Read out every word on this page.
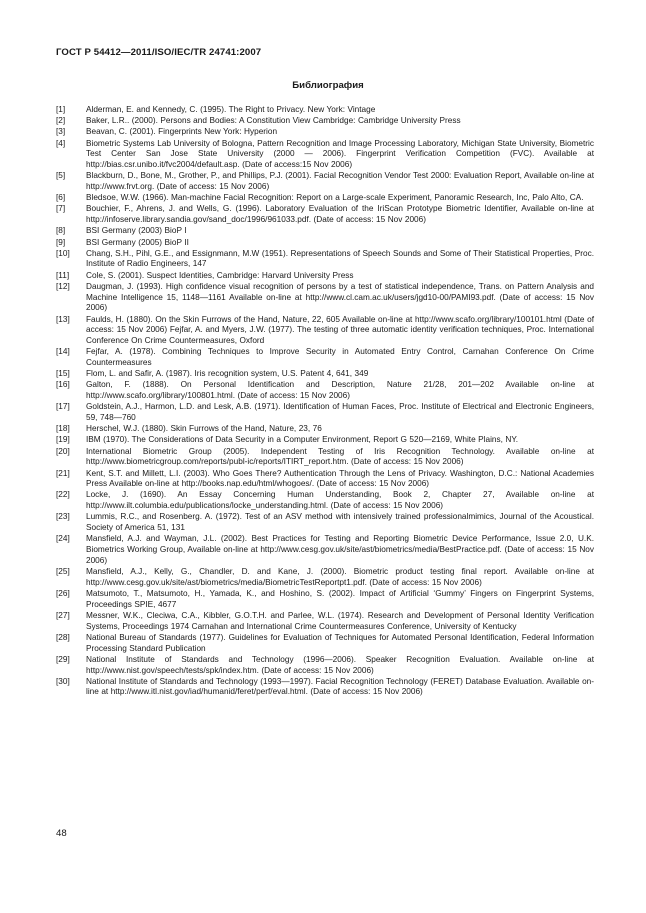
ГОСТ Р 54412—2011/ISO/IEC/TR 24741:2007
Библиография
[1]	Alderman, E. and Kennedy, C. (1995). The Right to Privacy. New York: Vintage
[2]	Baker, L.R.. (2000). Persons and Bodies: A Constitution View Cambridge: Cambridge University Press
[3]	Beavan, C. (2001). Fingerprints New York: Hyperion
[4]	Biometric Systems Lab University of Bologna, Pattern Recognition and Image Processing Laboratory, Michigan State University, Biometric Test Center San Jose State University (2000 — 2006). Fingerprint Verification Competition (FVC). Available at http://bias.csr.unibo.it/fvc2004/default.asp. (Date of access:15 Nov 2006)
[5]	Blackburn, D., Bone, M., Grother, P., and Phillips, P.J. (2001). Facial Recognition Vendor Test 2000: Evaluation Report, Available on-line at http://www.frvt.org. (Date of access: 15 Nov 2006)
[6]	Bledsoe, W.W. (1966). Man-machine Facial Recognition: Report on a Large-scale Experiment, Panoramic Research, Inc, Palo Alto, CA.
[7]	Bouchier, F., Ahrens, J. and Wells, G. (1996). Laboratory Evaluation of the IriScan Prototype Biometric Identifier, Available on-line at http://infoserve.library.sandia.gov/sand_doc/1996/961033.pdf. (Date of access: 15 Nov 2006)
[8]	BSI Germany (2003) BioP I
[9]	BSI Germany (2005) BioP II
[10]	Chang, S.H., Pihl, G.E., and Essignmann, M.W (1951). Representations of Speech Sounds and Some of Their Statistical Properties, Proc. Institute of Radio Engineers, 147
[11]	Cole, S. (2001). Suspect Identities, Cambridge: Harvard University Press
[12]	Daugman, J. (1993). High confidence visual recognition of persons by a test of statistical independence, Trans. on Pattern Analysis and Machine Intelligence 15, 1148—1161 Available on-line at http://www.cl.cam.ac.uk/users/jgd10-00/PAMI93.pdf. (Date of access: 15 Nov 2006)
[13]	Faulds, H. (1880). On the Skin Furrows of the Hand, Nature, 22, 605 Available on-line at http://www.scafo.org/library/100101.html (Date of access: 15 Nov 2006) Fejfar, A. and Myers, J.W. (1977). The testing of three automatic identity verification techniques, Proc. International Conference On Crime Countermeasures, Oxford
[14]	Fejfar, A. (1978). Combining Techniques to Improve Security in Automated Entry Control, Carnahan Conference On Crime Countermeasures
[15]	Flom, L. and Safir, A. (1987). Iris recognition system, U.S. Patent 4, 641, 349
[16]	Galton, F. (1888). On Personal Identification and Description, Nature 21/28, 201—202 Available on-line at http://www.scafo.org/library/100801.html. (Date of access: 15 Nov 2006)
[17]	Goldstein, A.J., Harmon, L.D. and Lesk, A.B. (1971). Identification of Human Faces, Proc. Institute of Electrical and Electronic Engineers, 59, 748—760
[18]	Herschel, W.J. (1880). Skin Furrows of the Hand, Nature, 23, 76
[19]	IBM (1970). The Considerations of Data Security in a Computer Environment, Report G 520—2169, White Plains, NY.
[20]	International Biometric Group (2005). Independent Testing of Iris Recognition Technology. Available on-line at http://www.biometricgroup.com/reports/publ-ic/reports/ITIRT_report.htm. (Date of access: 15 Nov 2006)
[21]	Kent, S.T. and Millett, L.I. (2003). Who Goes There? Authentication Through the Lens of Privacy. Washington, D.C.: National Academies Press Available on-line at http://books.nap.edu/html/whogoes/. (Date of access: 15 Nov 2006)
[22]	Locke, J. (1690). An Essay Concerning Human Understanding, Book 2, Chapter 27, Available on-line at http://www.ilt.columbia.edu/publications/locke_understanding.html. (Date of access: 15 Nov 2006)
[23]	Lummis, R.C., and Rosenberg. A. (1972). Test of an ASV method with intensively trained professionalmimics, Journal of the Acoustical. Society of America 51, 131
[24]	Mansfield, A.J. and Wayman, J.L. (2002). Best Practices for Testing and Reporting Biometric Device Performance, Issue 2.0, U.K. Biometrics Working Group, Available on-line at http://www.cesg.gov.uk/site/ast/biometrics/media/BestPractice.pdf. (Date of access: 15 Nov 2006)
[25]	Mansfield, A.J., Kelly, G., Chandler, D. and Kane, J. (2000). Biometric product testing final report. Available on-line at http://www.cesg.gov.uk/site/ast/biometrics/media/BiometricTestReportpt1.pdf. (Date of access: 15 Nov 2006)
[26]	Matsumoto, T., Matsumoto, H., Yamada, K., and Hoshino, S. (2002). Impact of Artificial ‘Gummy’ Fingers on Fingerprint Systems, Proceedings SPIE, 4677
[27]	Messner, W.K., Cleciwa, C.A., Kibbler, G.O.T.H. and Parlee, W.L. (1974). Research and Development of Personal Identity Verification Systems, Proceedings 1974 Carnahan and International Crime Countermeasures Conference, University of Kentucky
[28]	National Bureau of Standards (1977). Guidelines for Evaluation of Techniques for Automated Personal Identification, Federal Information Processing Standard Publication
[29]	National Institute of Standards and Technology (1996—2006). Speaker Recognition Evaluation. Available on-line at http://www.nist.gov/speech/tests/spk/index.htm. (Date of access: 15 Nov 2006)
[30]	National Institute of Standards and Technology (1993—1997). Facial Recognition Technology (FERET) Database Evaluation. Available on-line at http://www.itl.nist.gov/iad/humanid/feret/perf/eval.html. (Date of access: 15 Nov 2006)
48
